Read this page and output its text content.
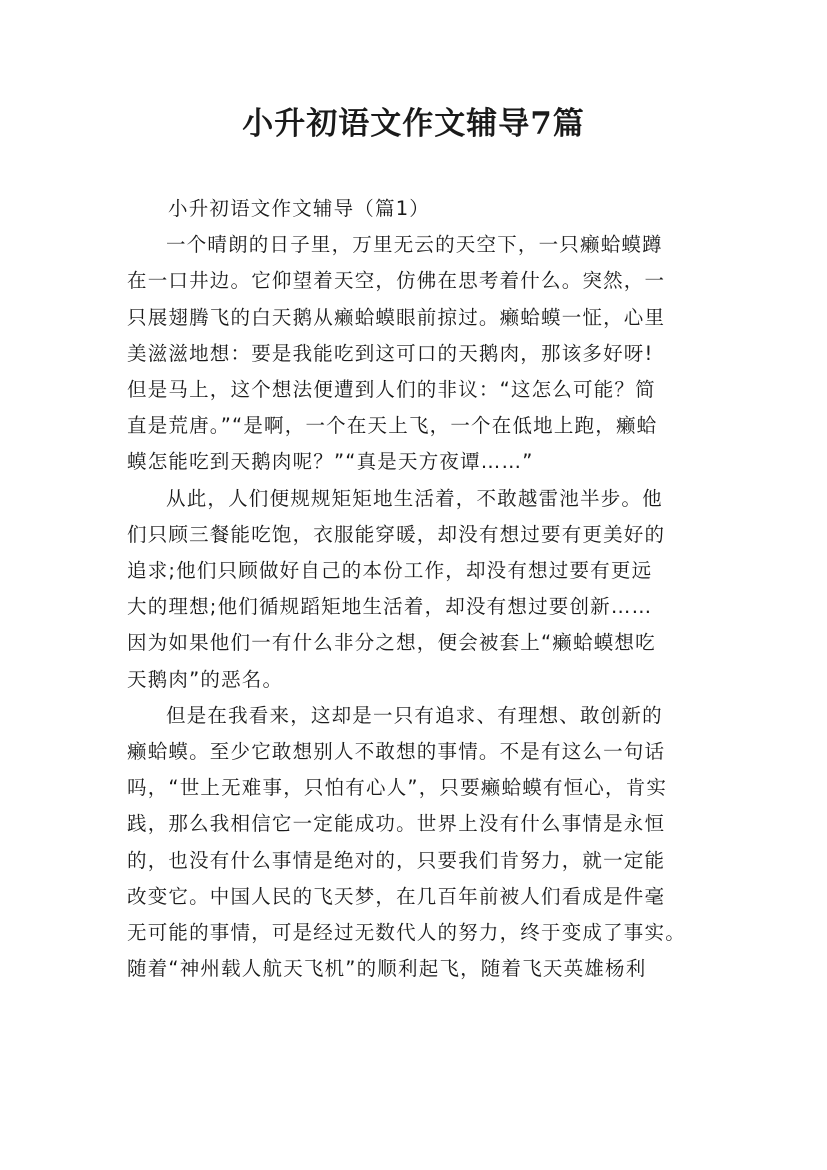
小升初语文作文辅导7篇
小升初语文作文辅导（篇1）

一个晴朗的日子里，万里无云的天空下，一只癞蛤蟆蹲
在一口井边。它仰望着天空，仿佛在思考着什么。突然，一
只展翅腾飞的白天鹅从癞蛤蟆眼前掠过。癞蛤蟆一怔，心里
美滋滋地想：要是我能吃到这可口的天鹅肉，那该多好呀!
但是马上，这个想法便遭到人们的非议：“这怎么可能？简
直是荒唐。”“是啊，一个在天上飞，一个在低地上跑，癞蛤
蟆怎能吃到天鹅肉呢？”“真是天方夜谭……”

从此，人们便规规矩矩地生活着，不敢越雷池半步。他
们只顾三餐能吃饱，衣服能穿暖，却没有想过要有更美好的
追求;他们只顾做好自己的本份工作，却没有想过要有更远
大的理想;他们循规蹈矩地生活着，却没有想过要创新……
因为如果他们一有什么非分之想，便会被套上“癞蛤蟆想吃
天鹅肉”的恶名。

但是在我看来，这却是一只有追求、有理想、敢创新的
癞蛤蟆。至少它敢想别人不敢想的事情。不是有这么一句话
吗，“世上无难事，只怕有心人”，只要癞蛤蟆有恒心，肯实
践，那么我相信它一定能成功。世界上没有什么事情是永恒
的，也没有什么事情是绝对的，只要我们肯努力，就一定能
改变它。中国人民的飞天梦，在几百年前被人们看成是件毫
无可能的事情，可是经过无数代人的努力，终于变成了事实。
随着“神州载人航天飞机”的顺利起飞，随着飞天英雄杨利
